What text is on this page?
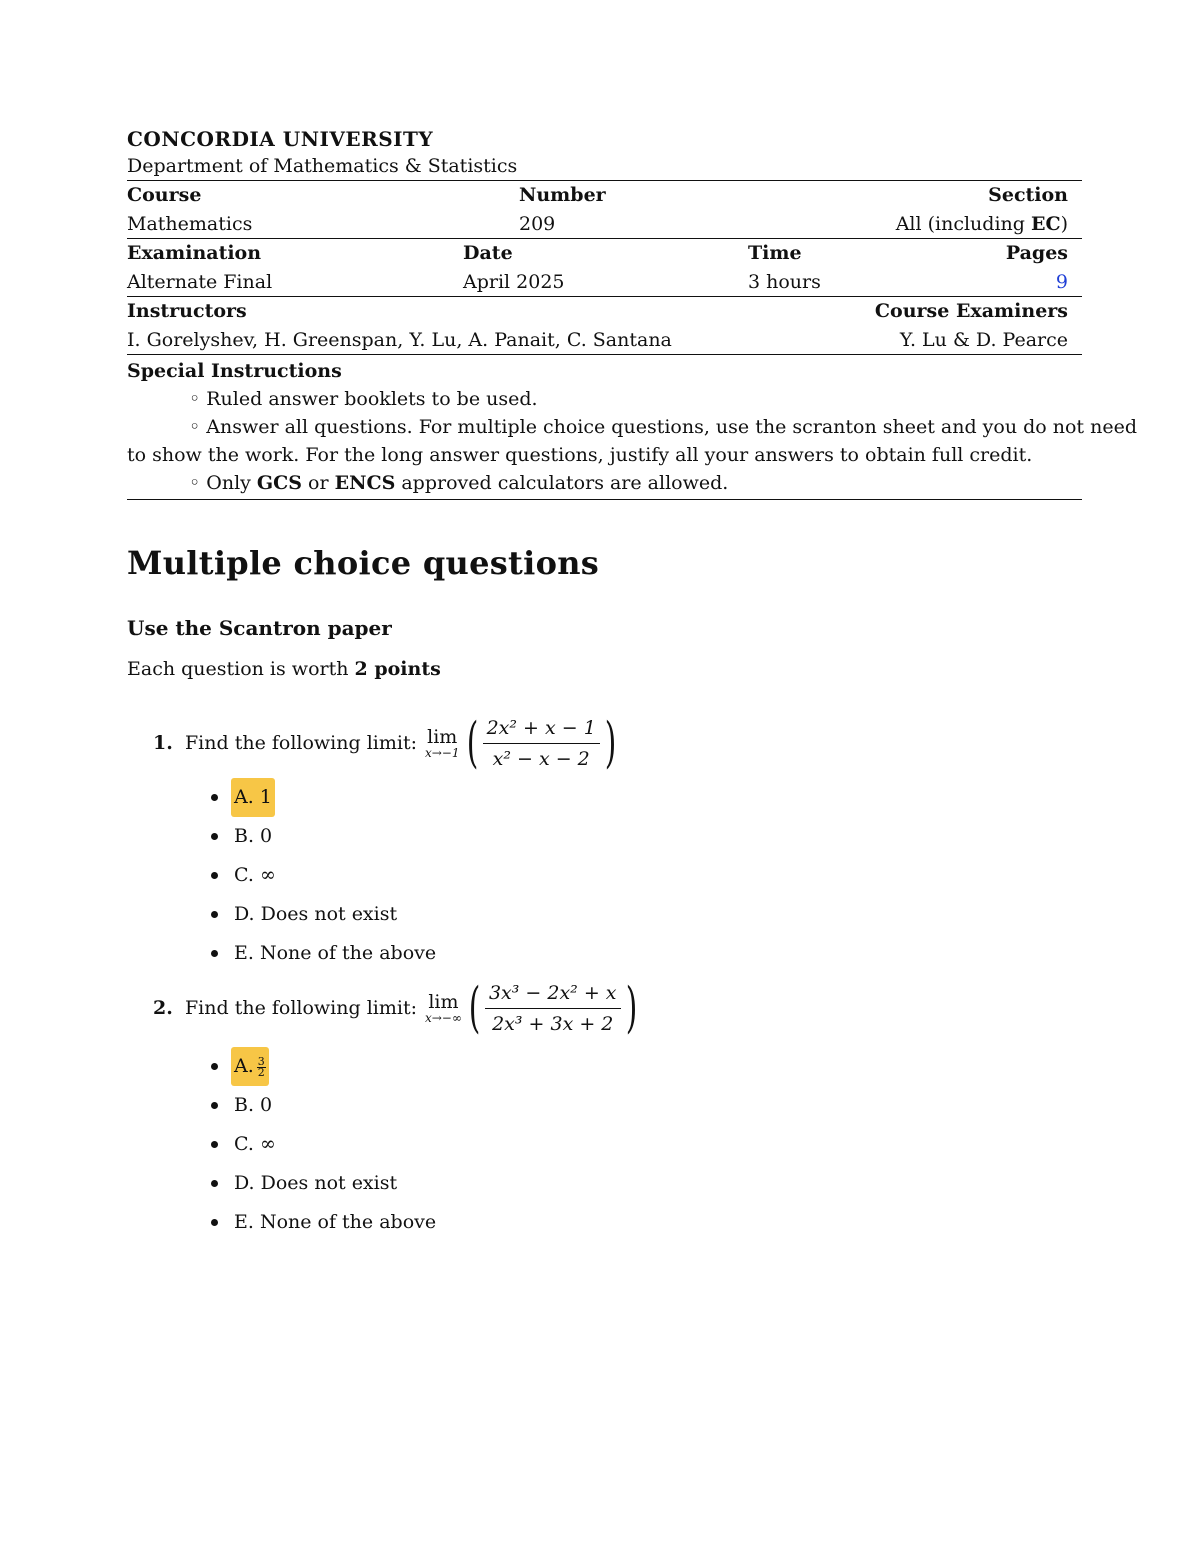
CONCORDIA UNIVERSITY
Department of Mathematics & Statistics
Course	Number	Section
Mathematics	209	All (including EC)
Examination	Date	Time	Pages
Alternate Final	April 2025	3 hours	9
Instructors	Course Examiners
I. Gorelyshev, H. Greenspan, Y. Lu, A. Panait, C. Santana	Y. Lu & D. Pearce
Special Instructions
◦ Ruled answer booklets to be used.
◦ Answer all questions. For multiple choice questions, use the scranton sheet and you do not need
to show the work. For the long answer questions, justify all your answers to obtain full credit.
◦ Only GCS or ENCS approved calculators are allowed.
Multiple choice questions
Use the Scantron paper
Each question is worth 2 points
1. Find the following limit: lim
x→−1 ( $\frac{\text{2x² + x − 1}}{\text{x² − x − 2}}$ )
A. 1
B. 0
C. ∞
D. Does not exist
E. None of the above
2. Find the following limit: lim
x→−∞ ( $\frac{\text{3x³ − 2x² + x}}{\text{2x³ + 3x + 2}}$ )
A. $\frac{3}{2}$
B. 0
C. ∞
D. Does not exist
E. None of the above
